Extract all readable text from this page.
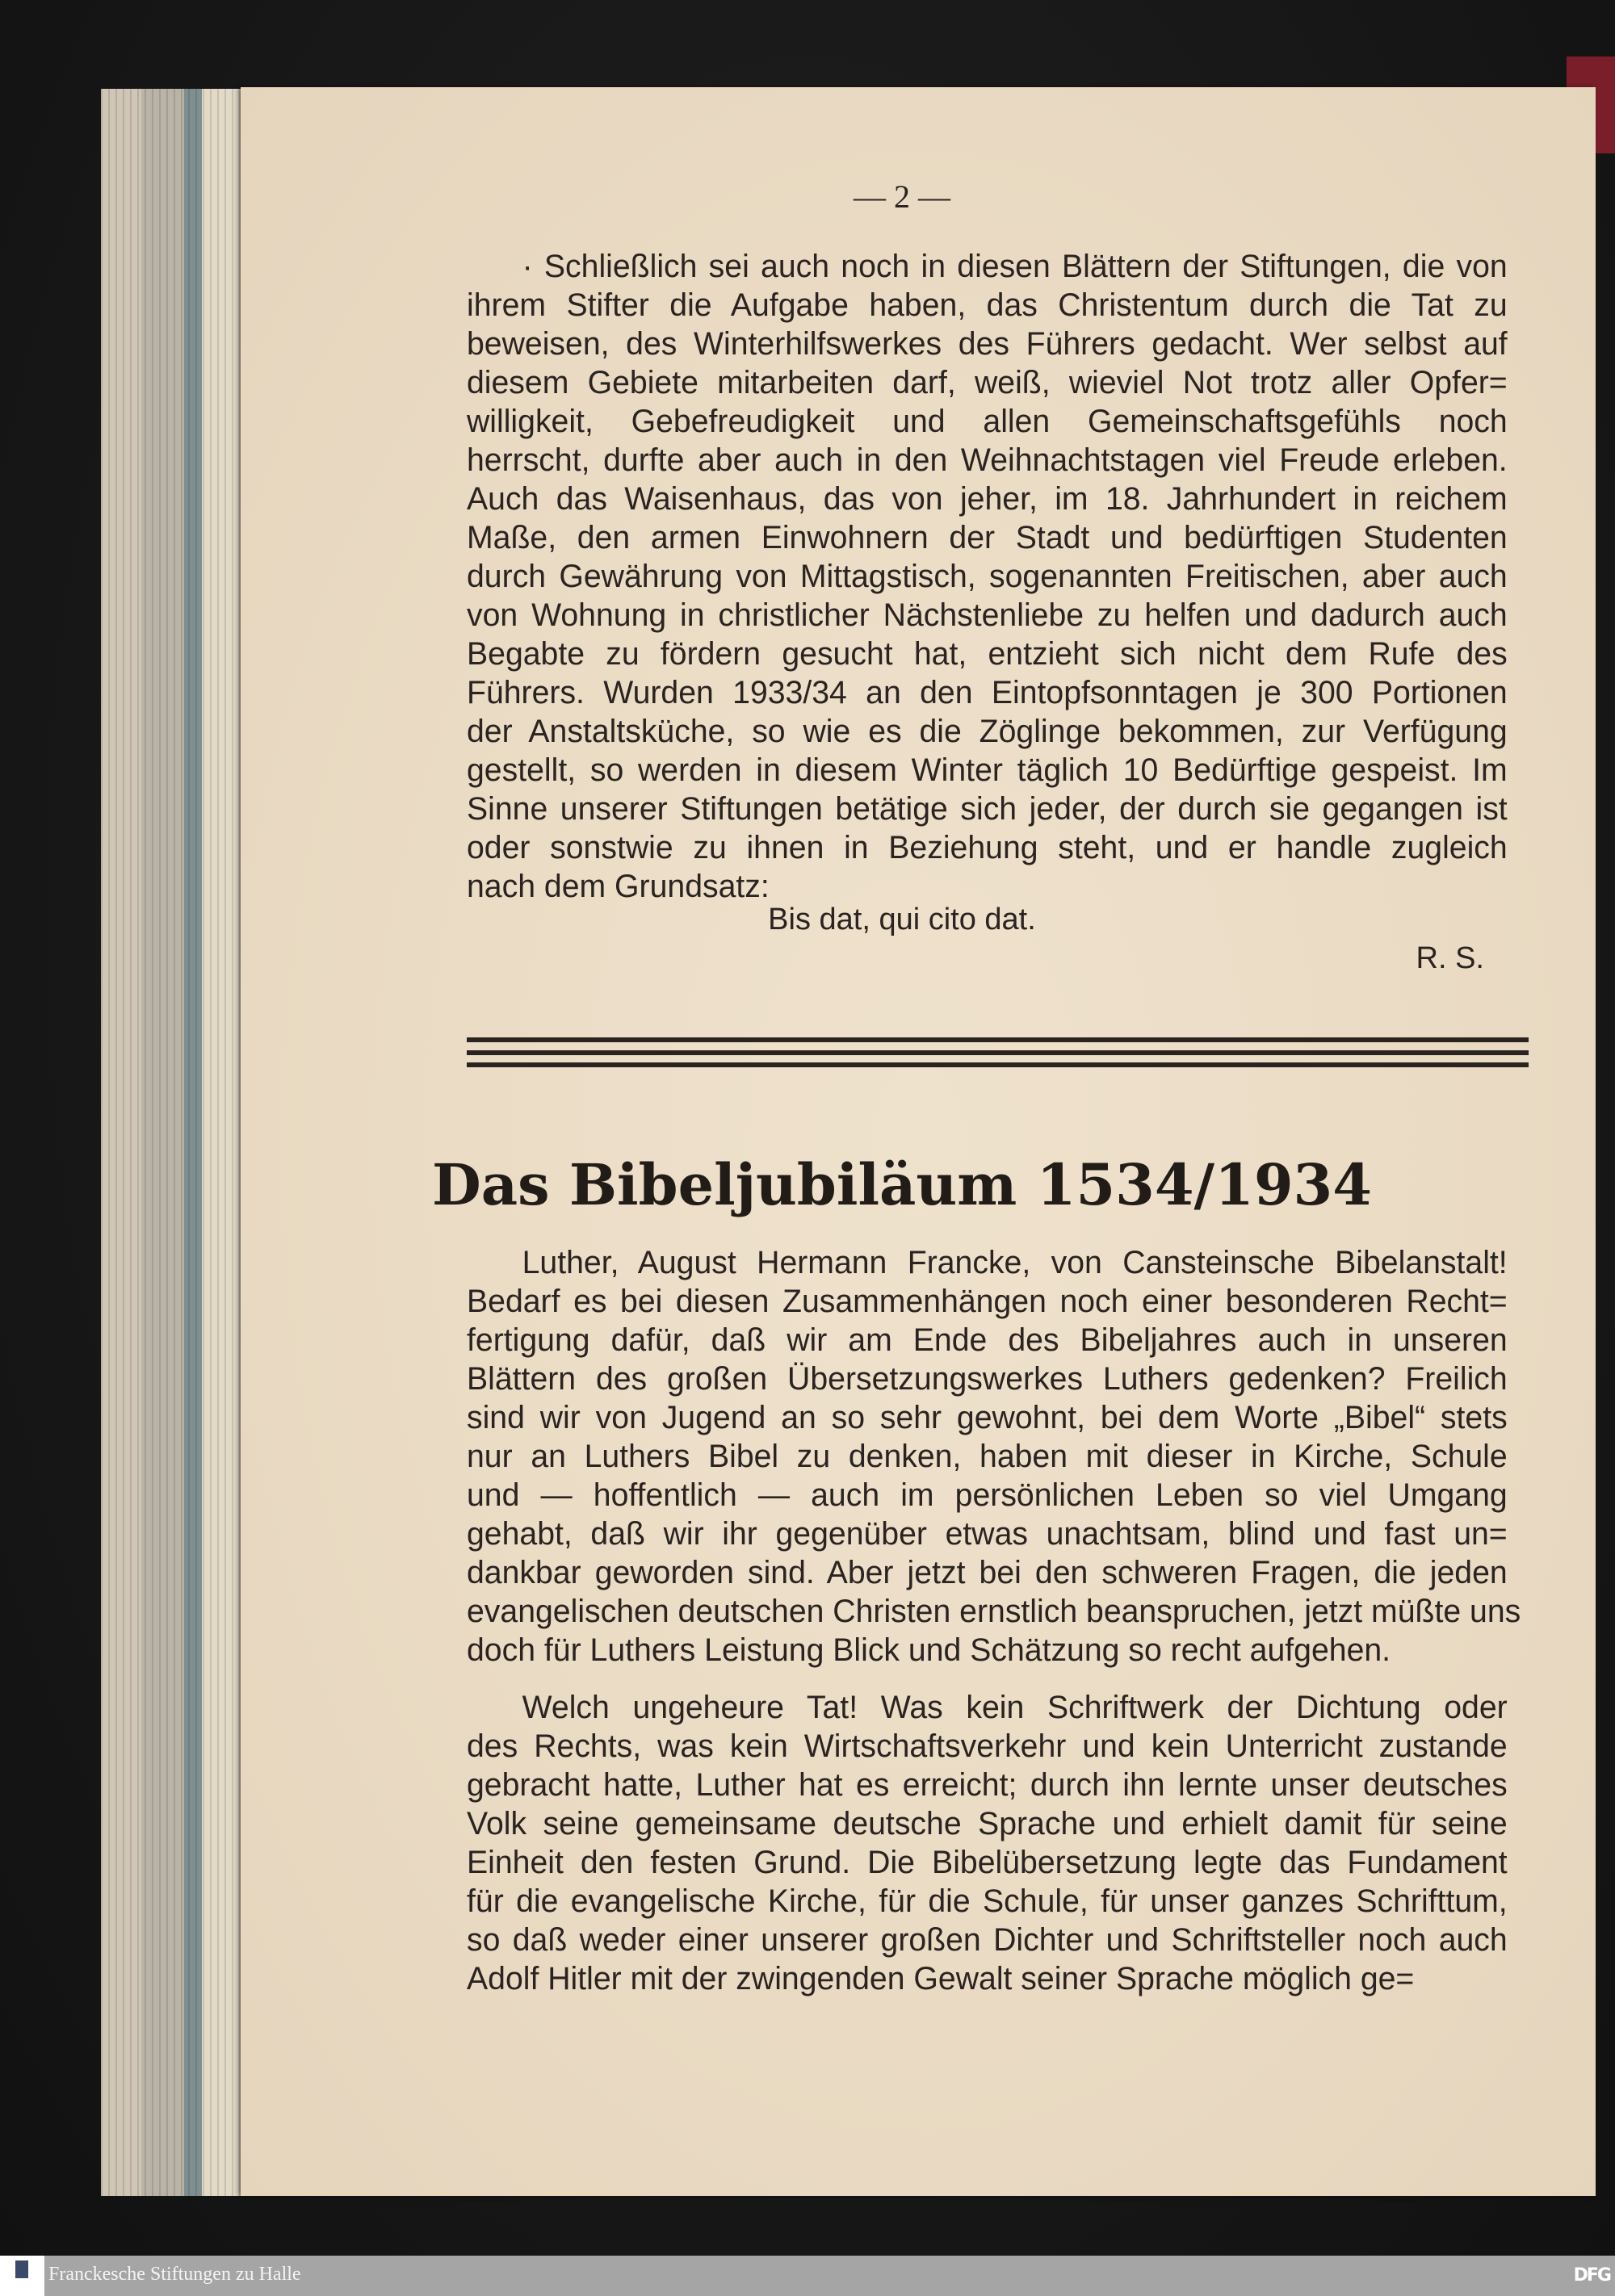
— 2 —
· Schließlich sei auch noch in diesen Blättern der Stiftungen, die von
ihrem Stifter die Aufgabe haben, das Christentum durch die Tat zu
beweisen, des Winterhilfswerkes des Führers gedacht. Wer selbst auf
diesem Gebiete mitarbeiten darf, weiß, wieviel Not trotz aller Opfer=
willigkeit, Gebefreudigkeit und allen Gemeinschaftsgefühls noch
herrscht, durfte aber auch in den Weihnachtstagen viel Freude erleben.
Auch das Waisenhaus, das von jeher, im 18. Jahrhundert in reichem
Maße, den armen Einwohnern der Stadt und bedürftigen Studenten
durch Gewährung von Mittagstisch, sogenannten Freitischen, aber auch
von Wohnung in christlicher Nächstenliebe zu helfen und dadurch auch
Begabte zu fördern gesucht hat, entzieht sich nicht dem Rufe des
Führers. Wurden 1933/34 an den Eintopfsonntagen je 300 Portionen
der Anstaltsküche, so wie es die Zöglinge bekommen, zur Verfügung
gestellt, so werden in diesem Winter täglich 10 Bedürftige gespeist. Im
Sinne unserer Stiftungen betätige sich jeder, der durch sie gegangen ist
oder sonstwie zu ihnen in Beziehung steht, und er handle zugleich
nach dem Grundsatz:
Bis dat, qui cito dat.
R. S.
Das Bibeljubiläum 1534/1934
Luther, August Hermann Francke, von Cansteinsche Bibelanstalt!
Bedarf es bei diesen Zusammenhängen noch einer besonderen Recht=
fertigung dafür, daß wir am Ende des Bibeljahres auch in unseren
Blättern des großen Übersetzungswerkes Luthers gedenken? Freilich
sind wir von Jugend an so sehr gewohnt, bei dem Worte „Bibel“ stets
nur an Luthers Bibel zu denken, haben mit dieser in Kirche, Schule
und — hoffentlich — auch im persönlichen Leben so viel Umgang
gehabt, daß wir ihr gegenüber etwas unachtsam, blind und fast un=
dankbar geworden sind. Aber jetzt bei den schweren Fragen, die jeden
evangelischen deutschen Christen ernstlich beanspruchen, jetzt müßte uns
doch für Luthers Leistung Blick und Schätzung so recht aufgehen.
Welch ungeheure Tat! Was kein Schriftwerk der Dichtung oder
des Rechts, was kein Wirtschaftsverkehr und kein Unterricht zustande
gebracht hatte, Luther hat es erreicht; durch ihn lernte unser deutsches
Volk seine gemeinsame deutsche Sprache und erhielt damit für seine
Einheit den festen Grund. Die Bibelübersetzung legte das Fundament
für die evangelische Kirche, für die Schule, für unser ganzes Schrifttum,
so daß weder einer unserer großen Dichter und Schriftsteller noch auch
Adolf Hitler mit der zwingenden Gewalt seiner Sprache möglich ge=
Franckesche Stiftungen zu Halle	DFG
